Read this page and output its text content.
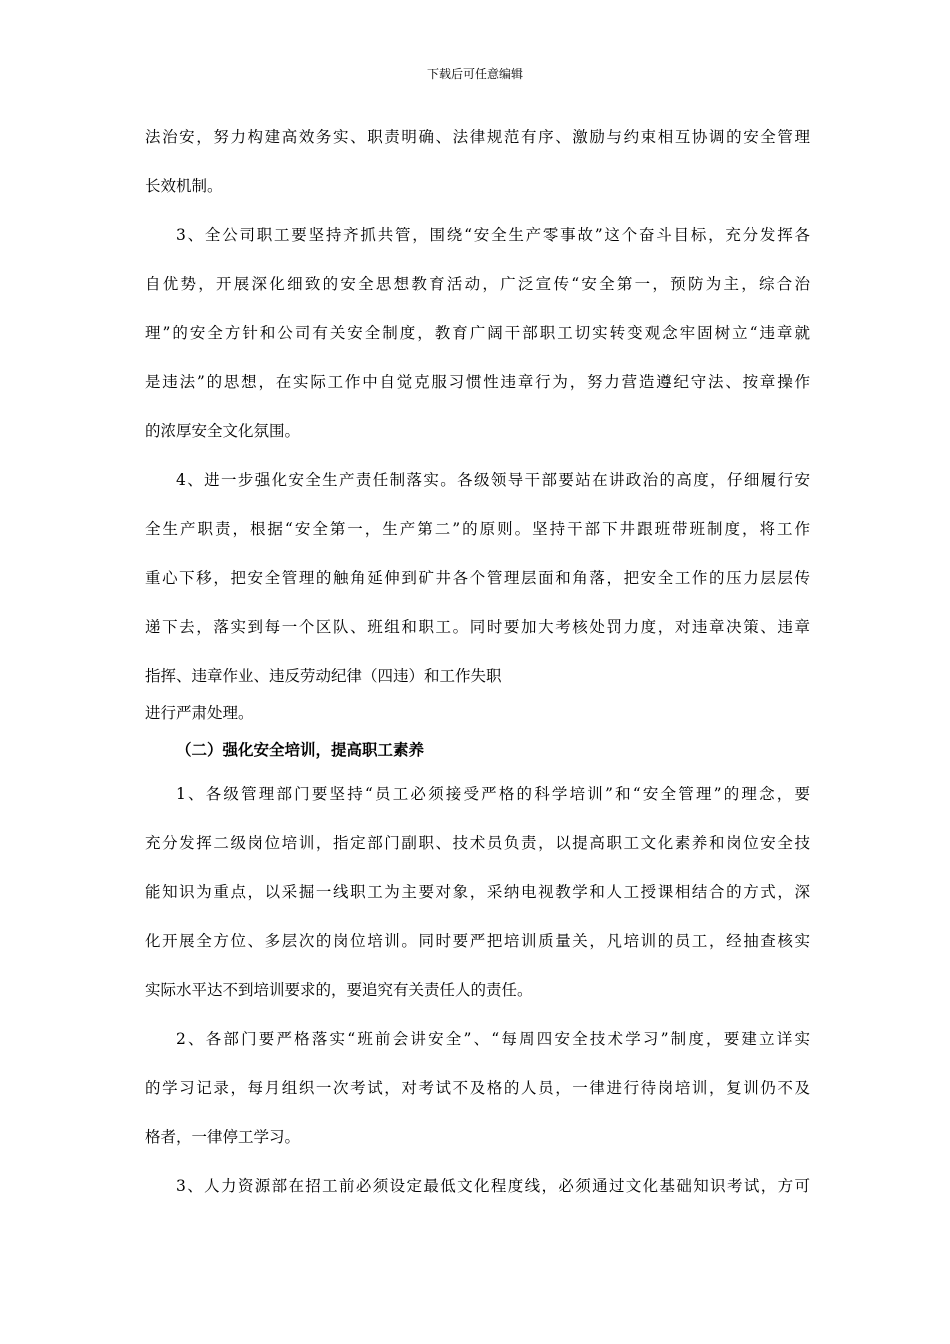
下载后可任意编辑
法治安，努力构建高效务实、职责明确、法律规范有序、激励与约束相互协调的安全管理
长效机制。
3、全公司职工要坚持齐抓共管，围绕“安全生产零事故”这个奋斗目标，充分发挥各
自优势，开展深化细致的安全思想教育活动，广泛宣传“安全第一，预防为主，综合治
理”的安全方针和公司有关安全制度，教育广阔干部职工切实转变观念牢固树立“违章就
是违法”的思想，在实际工作中自觉克服习惯性违章行为，努力营造遵纪守法、按章操作
的浓厚安全文化氛围。
4、进一步强化安全生产责任制落实。各级领导干部要站在讲政治的高度，仔细履行安
全生产职责，根据“安全第一，生产第二”的原则。坚持干部下井跟班带班制度，将工作
重心下移，把安全管理的触角延伸到矿井各个管理层面和角落，把安全工作的压力层层传
递下去，落实到每一个区队、班组和职工。同时要加大考核处罚力度，对违章决策、违章
指挥、违章作业、违反劳动纪律（四违）和工作失职
进行严肃处理。
（二）强化安全培训，提高职工素养
1、各级管理部门要坚持“员工必须接受严格的科学培训”和“安全管理”的理念，要
充分发挥二级岗位培训，指定部门副职、技术员负责，以提高职工文化素养和岗位安全技
能知识为重点，以采掘一线职工为主要对象，采纳电视教学和人工授课相结合的方式，深
化开展全方位、多层次的岗位培训。同时要严把培训质量关，凡培训的员工，经抽查核实
实际水平达不到培训要求的，要追究有关责任人的责任。
2、各部门要严格落实“班前会讲安全”、“每周四安全技术学习”制度，要建立详实
的学习记录，每月组织一次考试，对考试不及格的人员，一律进行待岗培训，复训仍不及
格者，一律停工学习。
3、人力资源部在招工前必须设定最低文化程度线，必须通过文化基础知识考试，方可
